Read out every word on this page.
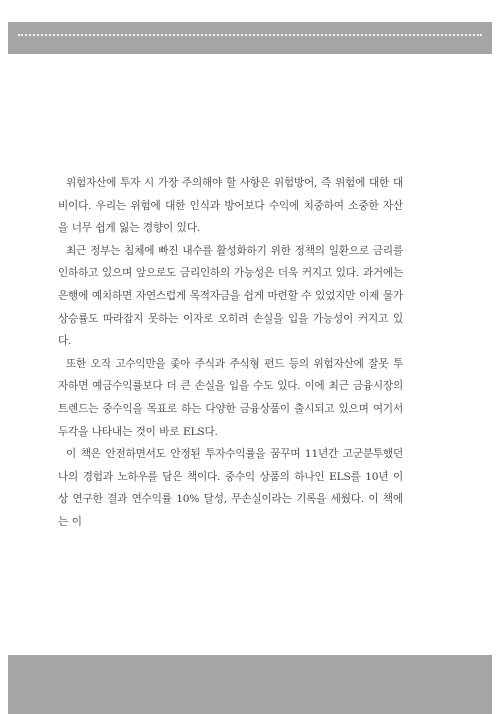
위험자산에 투자 시 가장 주의해야 할 사항은 위험방어, 즉 위험에 대한 대비이다. 우리는 위험에 대한 인식과 방어보다 수익에 치중하여 소중한 자산을 너무 쉽게 잃는 경향이 있다.

최근 정부는 침체에 빠진 내수를 활성화하기 위한 정책의 일환으로 금리를 인하하고 있으며 앞으로도 금리인하의 가능성은 더욱 커지고 있다. 과거에는 은행에 예치하면 자연스럽게 목적자금을 쉽게 마련할 수 있었지만 이제 물가상승률도 따라잡지 못하는 이자로 오히려 손실을 입을 가능성이 커지고 있다.

또한 오직 고수익만을 좇아 주식과 주식형 펀드 등의 위험자산에 잘못 투자하면 예금수익률보다 더 큰 손실을 입을 수도 있다. 이에 최근 금융시장의 트렌드는 중수익을 목표로 하는 다양한 금융상품이 출시되고 있으며 여기서 두각을 나타내는 것이 바로 ELS다.

이 책은 안전하면서도 안정된 투자수익률을 꿈꾸며 11년간 고군분투했던 나의 경험과 노하우를 담은 책이다. 중수익 상품의 하나인 ELS를 10년 이상 연구한 결과 연수익률 10% 달성, 무손실이라는 기록을 세웠다. 이 책에는 이
